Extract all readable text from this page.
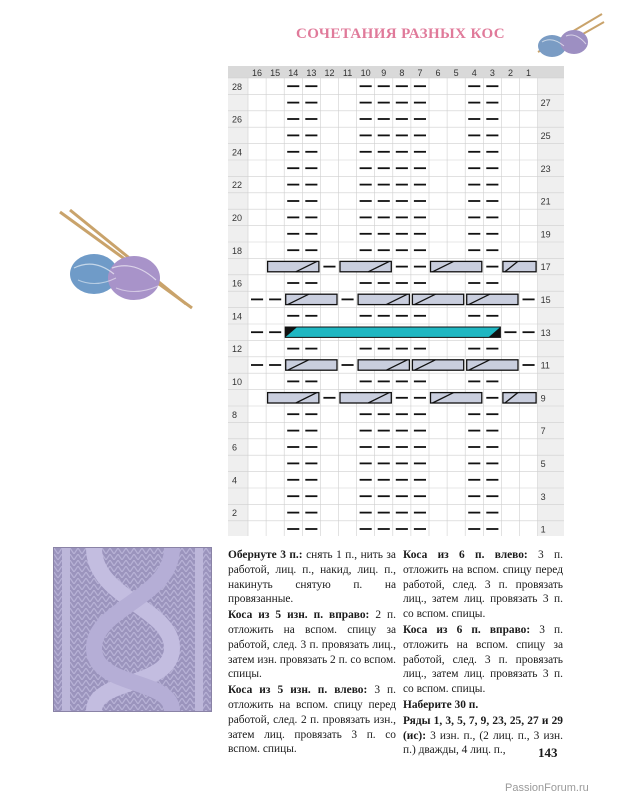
СОЧЕТАНИЯ РАЗНЫХ КОС
16 15 14 13 12 11 10 9 8 7 6 5 4 3 2 1
28
26
24
22
20
18
16
14
12
10
8
6
4
2
27
25
23
21
19
17
15
13
11
9
7
5
3
1

Обернуте 3 п.: снять 1 п., нить за работой, лиц. п., накид, лиц. п., накинуть снятую п. на провязанные.

Коса из 5 изн. п. вправо: 2 п. отложить на вспом. спицу за работой, след. 3 п. провязать лиц., затем изн. провязать 2 п. со вспом. спицы.

Коса из 5 изн. п. влево: 3 п. отложить на вспом. спицу перед работой, след. 2 п. провязать изн., затем лиц. провязать 3 п. со вспом. спицы.

Коса из 6 п. влево: 3 п. отложить на вспом. спицу перед работой, след. 3 п. провязать лиц., затем лиц. провязать 3 п. со вспом. спицы.

Коса из 6 п. вправо: 3 п. отложить на вспом. спицу за работой, след. 3 п. провязать лиц., затем лиц. провязать 3 п. со вспом. спицы.

Наберите 30 п.

Ряды 1, 3, 5, 7, 9, 23, 25, 27 и 29 (ис): 3 изн. п., (2 лиц. п., 3 изн. п.) дважды, 4 лиц. п.,	143
PassionForum.ru
